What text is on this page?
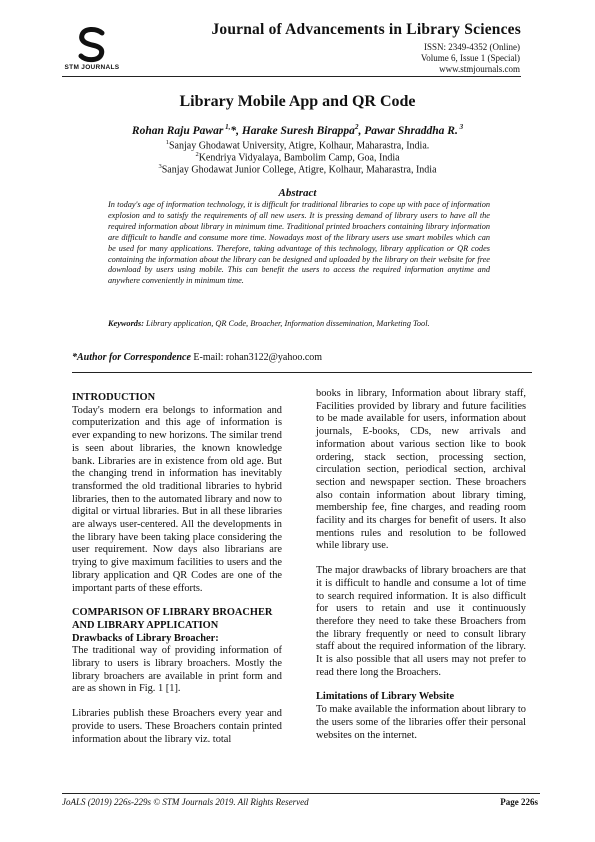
STM JOURNALS
Journal of Advancements in Library Sciences
ISSN: 2349-4352 (Online)
Volume 6, Issue 1 (Special)
www.stmjournals.com
Library Mobile App and QR Code
Rohan Raju Pawar $^{1,}$*, Harake Suresh Birappa$^2$, Pawar Shraddha R. $^3$
$^1$Sanjay Ghodawat University, Atigre, Kolhaur, Maharastra, India.
$^2$Kendriya Vidyalaya, Bambolim Camp, Goa, India
$^3$Sanjay Ghodawat Junior College, Atigre, Kolhaur, Maharastra, India
Abstract
In today's age of information technology, it is difficult for traditional libraries to cope up with pace of information explosion and to satisfy the requirements of all new users. It is pressing demand of library users to have all the required information about library in minimum time. Traditional printed broachers containing library information are difficult to handle and consume more time. Nowadays most of the library users use smart mobiles which can be used for many applications. Therefore, taking advantage of this technology, library application or QR codes containing the information about the library can be designed and uploaded by the library on their website for free download by users using mobile. This can benefit the users to access the required information anytime and anywhere conveniently in minimum time.
Keywords: Library application, QR Code, Broacher, Information dissemination, Marketing Tool.
*Author for Correspondence E-mail: rohan3122@yahoo.com

INTRODUCTION

Today's modern era belongs to information and computerization and this age of information is ever expanding to new horizons. The similar trend is seen about libraries, the known knowledge bank. Libraries are in existence from old age. But the changing trend in information has inevitably transformed the old traditional libraries to hybrid libraries, then to the automated library and now to digital or virtual libraries. But in all these libraries are always user-centered. All the developments in the library have been taking place considering the user requirement. Now days also librarians are trying to give maximum facilities to users and the library application and QR Codes are one of the important parts of these efforts.

COMPARISON OF LIBRARY BROACHER AND LIBRARY APPLICATION

Drawbacks of Library Broacher:

The traditional way of providing information of library to users is library broachers. Mostly the library broachers are available in print form and are as shown in Fig. 1 [1].

Libraries publish these Broachers every year and provide to users. These Broachers contain printed information about the library viz. total

books in library, Information about library staff, Facilities provided by library and future facilities to be made available for users, information about journals, E-books, CDs, new arrivals and information about various section like to book ordering, stack section, processing section, circulation section, periodical section, archival section and newspaper section. These broachers also contain information about library timing, membership fee, fine charges, and reading room facility and its charges for benefit of users. It also mentions rules and resolution to be followed while library use.

The major drawbacks of library broachers are that it is difficult to handle and consume a lot of time to search required information. It is also difficult for users to retain and use it continuously therefore they need to take these Broachers from the library frequently or need to consult library staff about the required information of the library. It is also possible that all users may not prefer to read there long the Broachers.

Limitations of Library Website

To make available the information about library to the users some of the libraries offer their personal websites on the internet.

JoALS (2019) 226s-229s © STM Journals 2019. All Rights Reserved	Page 226s
